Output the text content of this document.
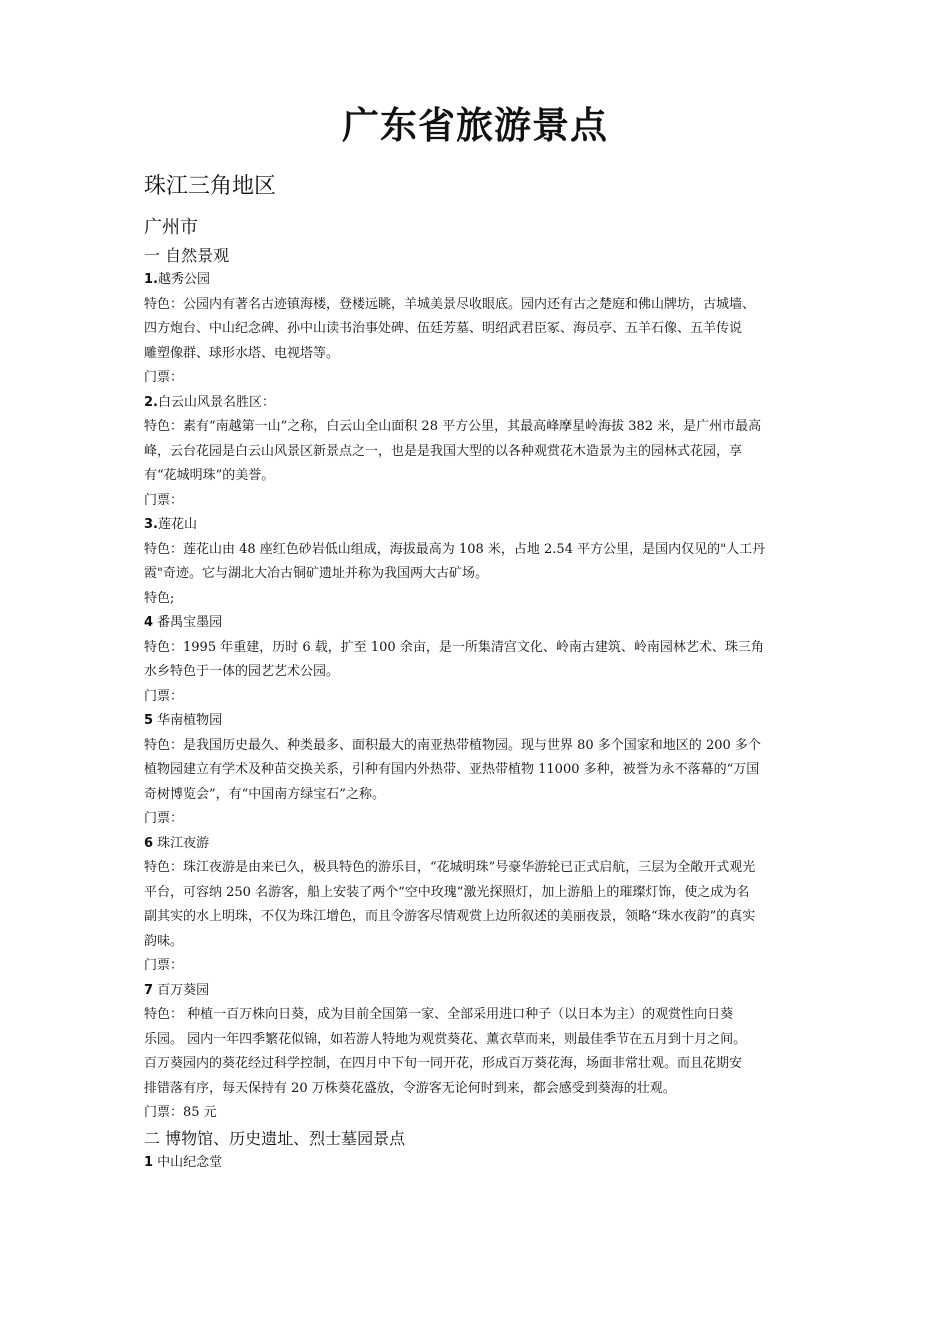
广东省旅游景点
珠江三角地区
广州市
一 自然景观
1.越秀公园
特色：公园内有著名古迹镇海楼，登楼远眺，羊城美景尽收眼底。园内还有古之楚庭和佛山牌坊，古城墙、
四方炮台、中山纪念碑、孙中山读书治事处碑、伍廷芳墓、明绍武君臣冢、海员亭、五羊石像、五羊传说
雕塑像群、球形水塔、电视塔等。
门票：
2.白云山风景名胜区：
特色：素有“南越第一山”之称，白云山全山面积 28 平方公里，其最高峰摩星岭海拔 382 米，是广州市最高
峰，云台花园是白云山风景区新景点之一，也是是我国大型的以各种观赏花木造景为主的园林式花园，享
有“花城明珠”的美誉。
门票：
3.莲花山
特色：莲花山由 48 座红色砂岩低山组成，海拔最高为 108 米，占地 2.54 平方公里，是国内仅见的"人工丹
霞"奇迹。它与湖北大冶古铜矿遗址并称为我国两大古矿场。
特色;
4 番禺宝墨园
特色：1995 年重建，历时 6 载，扩至 100 余亩，是一所集清宫文化、岭南古建筑、岭南园林艺术、珠三角
水乡特色于一体的园艺艺术公园。
门票：
5 华南植物园
特色：是我国历史最久、种类最多、面积最大的南亚热带植物园。现与世界 80 多个国家和地区的 200 多个
植物园建立有学术及种苗交换关系，引种有国内外热带、亚热带植物 11000 多种，被誉为永不落幕的“万国
奇树博览会”，有“中国南方绿宝石”之称。
门票：
6 珠江夜游
特色：珠江夜游是由来已久，极具特色的游乐目，“花城明珠”号豪华游轮已正式启航，三层为全敞开式观光
平台，可容纳 250 名游客，船上安装了两个“空中玫瑰”激光探照灯，加上游船上的璀璨灯饰，使之成为名
副其实的水上明珠，不仅为珠江增色，而且令游客尽情观赏上边所叙述的美丽夜景，领略“珠水夜韵”的真实
韵味。
门票：
7 百万葵园
特色： 种植一百万株向日葵，成为目前全国第一家、全部采用进口种子（以日本为主）的观赏性向日葵
乐园。 园内一年四季繁花似锦，如若游人特地为观赏葵花、薰衣草而来，则最佳季节在五月到十月之间。
百万葵园内的葵花经过科学控制，在四月中下旬一同开花，形成百万葵花海，场面非常壮观。而且花期安
排错落有序，每天保持有 20 万株葵花盛放，令游客无论何时到来，都会感受到葵海的壮观。
门票：85 元
二 博物馆、历史遗址、烈士墓园景点
1 中山纪念堂
